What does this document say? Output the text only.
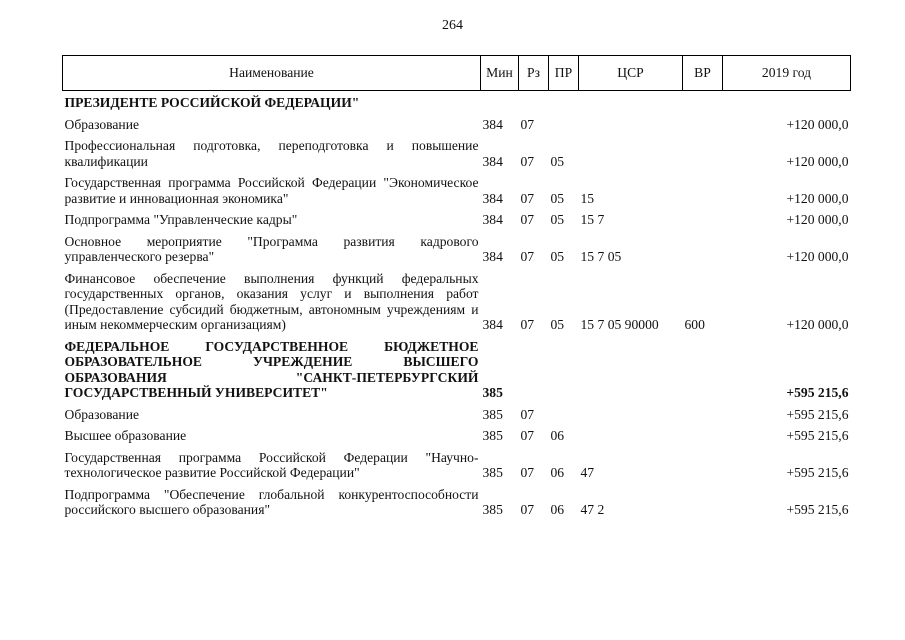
264
Наименование	Мин	Рз	ПР	ЦСР	ВР	2019 год
ПРЕЗИДЕНТЕ РОССИЙСКОЙ ФЕДЕРАЦИИ"						
Образование	384	07				+120 000,0
Профессиональная подготовка, переподготовка и повышение квалификации	384	07	05			+120 000,0
Государственная программа Российской Федерации "Экономическое развитие и инновационная экономика"	384	07	05	15		+120 000,0
Подпрограмма "Управленческие кадры"	384	07	05	15 7		+120 000,0
Основное мероприятие "Программа развития кадрового управленческого резерва"	384	07	05	15 7 05		+120 000,0
Финансовое обеспечение выполнения функций федеральных государственных органов, оказания услуг и выполнения работ (Предоставление субсидий бюджетным, автономным учреждениям и иным некоммерческим организациям)	384	07	05	15 7 05 90000	600	+120 000,0
ФЕДЕРАЛЬНОЕ ГОСУДАРСТВЕННОЕ БЮДЖЕТНОЕ ОБРАЗОВАТЕЛЬНОЕ УЧРЕЖДЕНИЕ ВЫСШЕГО ОБРАЗОВАНИЯ "САНКТ-ПЕТЕРБУРГСКИЙ ГОСУДАРСТВЕННЫЙ УНИВЕРСИТЕТ"	385					+595 215,6
Образование	385	07				+595 215,6
Высшее образование	385	07	06			+595 215,6
Государственная программа Российской Федерации "Научно-технологическое развитие Российской Федерации"	385	07	06	47		+595 215,6
Подпрограмма "Обеспечение глобальной конкурентоспособности российского высшего образования"	385	07	06	47 2		+595 215,6
